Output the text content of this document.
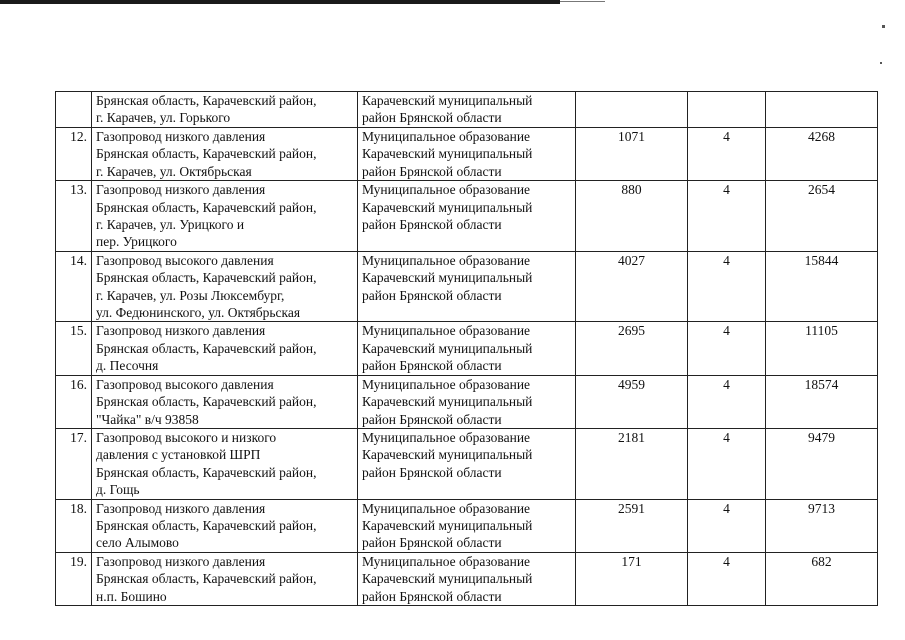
	Брянская область, Карачевский район,
г. Карачев, ул. Горького	Карачевский муниципальный
район Брянской области			

12.	Газопровод низкого давления
Брянская область, Карачевский район,
г. Карачев, ул. Октябрьская	Муниципальное образование
Карачевский муниципальный
район Брянской области	1071	4	4268
13.	Газопровод низкого давления
Брянская область, Карачевский район,
г. Карачев, ул. Урицкого и
пер. Урицкого	Муниципальное образование
Карачевский муниципальный
район Брянской области	880	4	2654
14.	Газопровод высокого давления
Брянская область, Карачевский район,
г. Карачев, ул. Розы Люксембург,
ул. Федюнинского, ул. Октябрьская	Муниципальное образование
Карачевский муниципальный
район Брянской области	4027	4	15844
15.	Газопровод низкого давления
Брянская область, Карачевский район,
д. Песочня	Муниципальное образование
Карачевский муниципальный
район Брянской области	2695	4	11105
16.	Газопровод высокого давления
Брянская область, Карачевский район,
"Чайка" в/ч 93858	Муниципальное образование
Карачевский муниципальный
район Брянской области	4959	4	18574
17.	Газопровод высокого и низкого
давления с установкой ШРП
Брянская область, Карачевский район,
д. Гощь	Муниципальное образование
Карачевский муниципальный
район Брянской области	2181	4	9479
18.	Газопровод низкого давления
Брянская область, Карачевский район,
село Алымово	Муниципальное образование
Карачевский муниципальный
район Брянской области	2591	4	9713
19.	Газопровод низкого давления
Брянская область, Карачевский район,
н.п. Бошино	Муниципальное образование
Карачевский муниципальный
район Брянской области	171	4	682
